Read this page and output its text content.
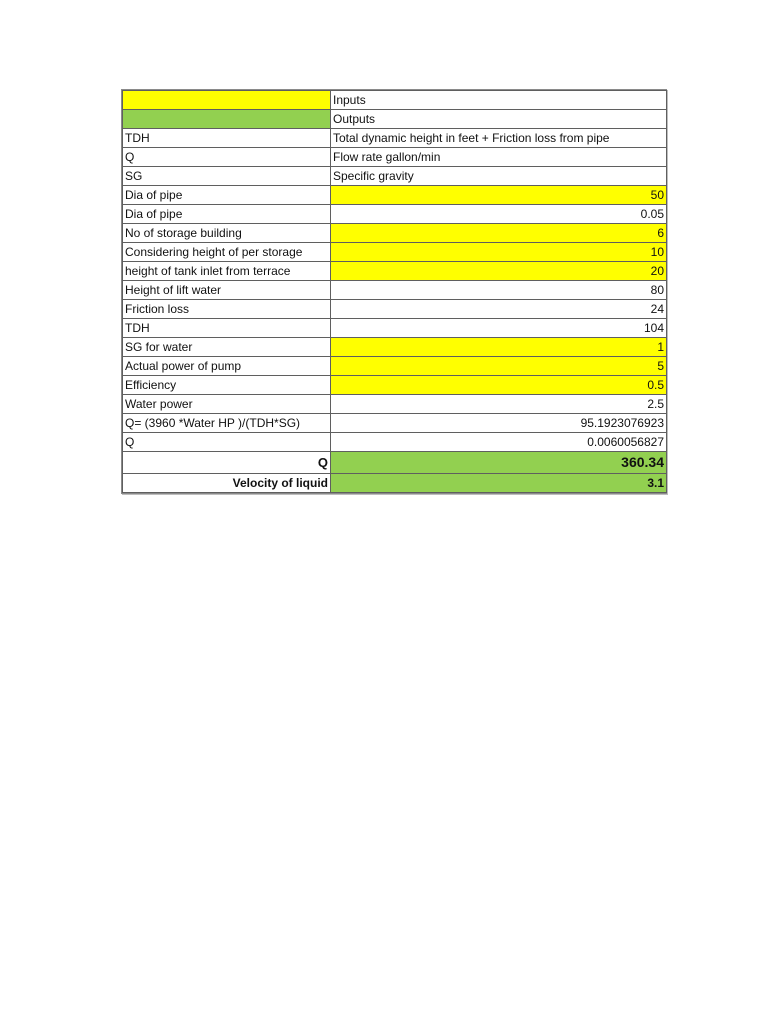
	Inputs
	Outputs
TDH	Total dynamic height in feet + Friction loss from pipe
Q	Flow rate gallon/min
SG	Specific gravity
Dia of pipe	50
Dia of pipe	0.05
No of storage building	6
Considering height of per storage	10
height of tank inlet from terrace	20
Height of lift water	80
Friction loss	24
TDH	104
SG for water	1
Actual power of pump	5
Efficiency	0.5
Water power	2.5
Q= (3960 *Water HP )/(TDH*SG)	95.1923076923
Q	0.0060056827
Q	360.34
Velocity of liquid	3.1
